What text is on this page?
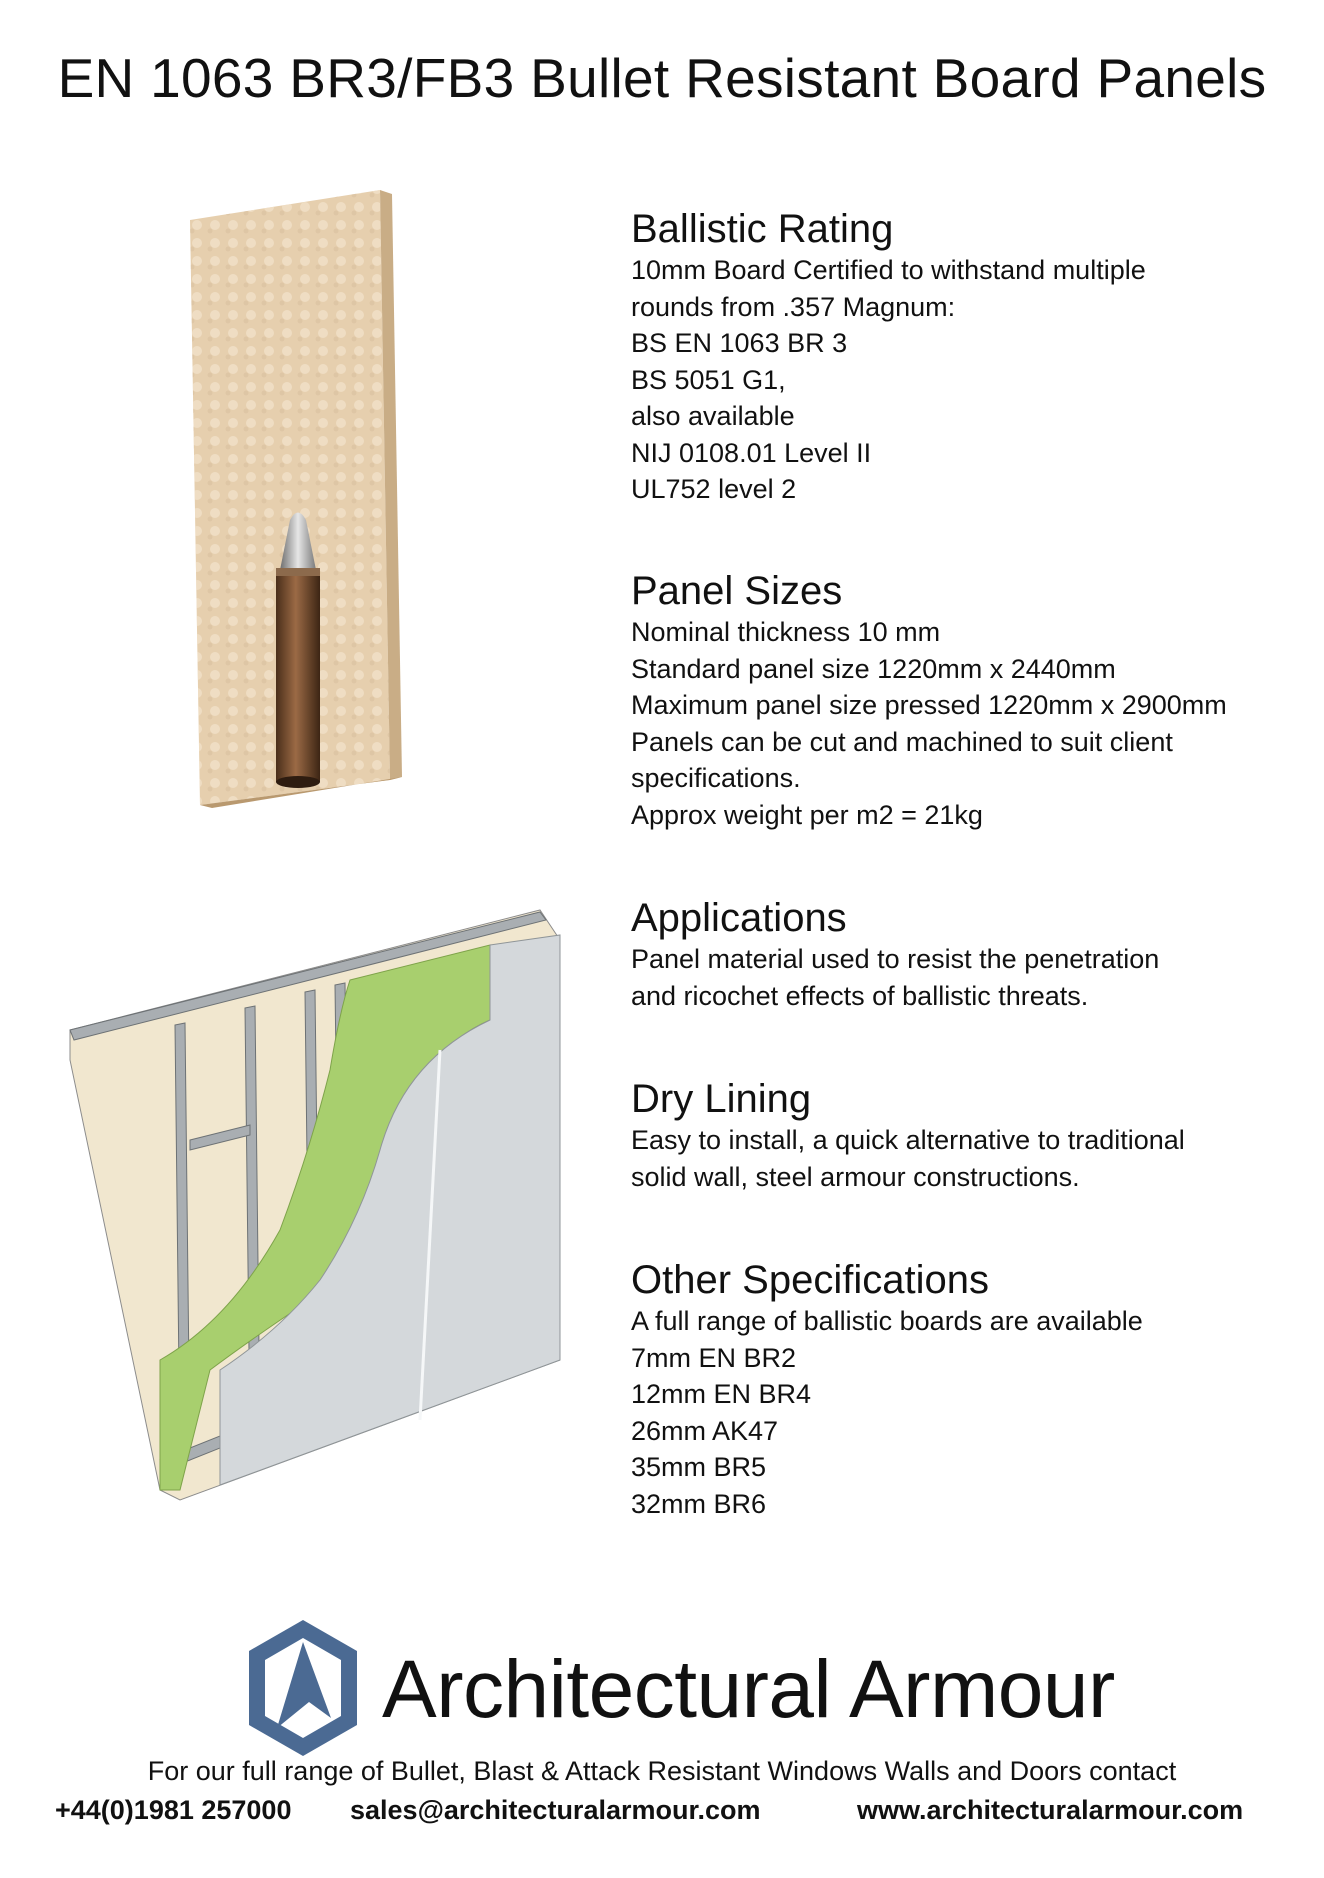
EN 1063 BR3/FB3 Bullet Resistant Board Panels
Ballistic Rating
10mm Board Certified to withstand multiple
rounds from .357 Magnum:
BS EN 1063 BR 3
BS 5051 G1,
also available
NIJ 0108.01 Level II
UL752 level 2
Panel Sizes
Nominal thickness 10 mm
Standard panel size 1220mm x 2440mm
Maximum panel size pressed 1220mm x 2900mm
Panels can be cut and machined to suit client
specifications.
Approx weight per m2 = 21kg
Applications
Panel material used to resist the penetration
and ricochet effects of ballistic threats.
Dry Lining
Easy to install, a quick alternative to traditional
solid wall, steel armour constructions.
Other Specifications
A full range of ballistic boards are available
7mm EN BR2
12mm EN BR4
26mm AK47
35mm BR5
32mm BR6
Architectural Armour
For our full range of Bullet, Blast & Attack Resistant Windows Walls and Doors contact
+44(0)1981 257000 sales@architecturalarmour.com	www.architecturalarmour.com
